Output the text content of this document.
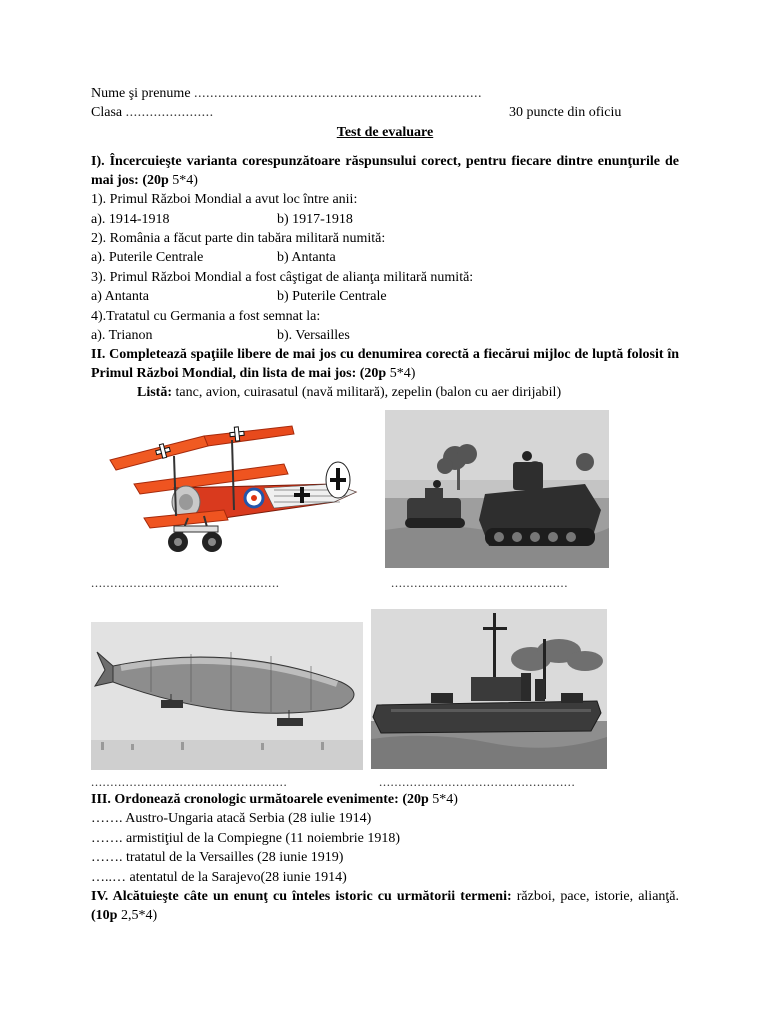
Nume şi prenume ........................................................................
Clasa ......................	30 puncte din oficiu
Test de evaluare
I). Încercuieşte varianta corespunzătoare răspunsului corect, pentru fiecare dintre enunţurile de mai jos: (20p 5*4)
1). Primul Război Mondial a avut loc între anii:
a). 1914-1918	b) 1917-1918
2). România a făcut parte din tabăra militară numită:
a). Puterile Centrale	b) Antanta
3). Primul Război Mondial a fost câştigat de alianţa militară numită:
a) Antanta	b) Puterile Centrale
4).Tratatul cu Germania a fost semnat la:
a). Trianon	b). Versailles
II. Completează spaţiile libere de mai jos cu denumirea corectă a fiecărui mijloc de luptă folosit în Primul Război Mondial, din lista de mai jos: (20p 5*4)
Listă: tanc, avion, cuirasatul (navă militară), zepelin (balon cu aer dirijabil)
.................................................	..............................................
...................................................	...................................................
III. Ordonează cronologic următoarele evenimente: (20p 5*4)
……. Austro-Ungaria atacă Serbia (28 iulie 1914)
……. armistiţiul de la Compiegne (11 noiembrie 1918)
……. tratatul de la Versailles (28 iunie 1919)
…..… atentatul de la Sarajevo(28 iunie 1914)
IV. Alcătuieşte câte un enunţ cu înteles istoric cu următorii termeni: război, pace, istorie, alianţă. (10p 2,5*4)
